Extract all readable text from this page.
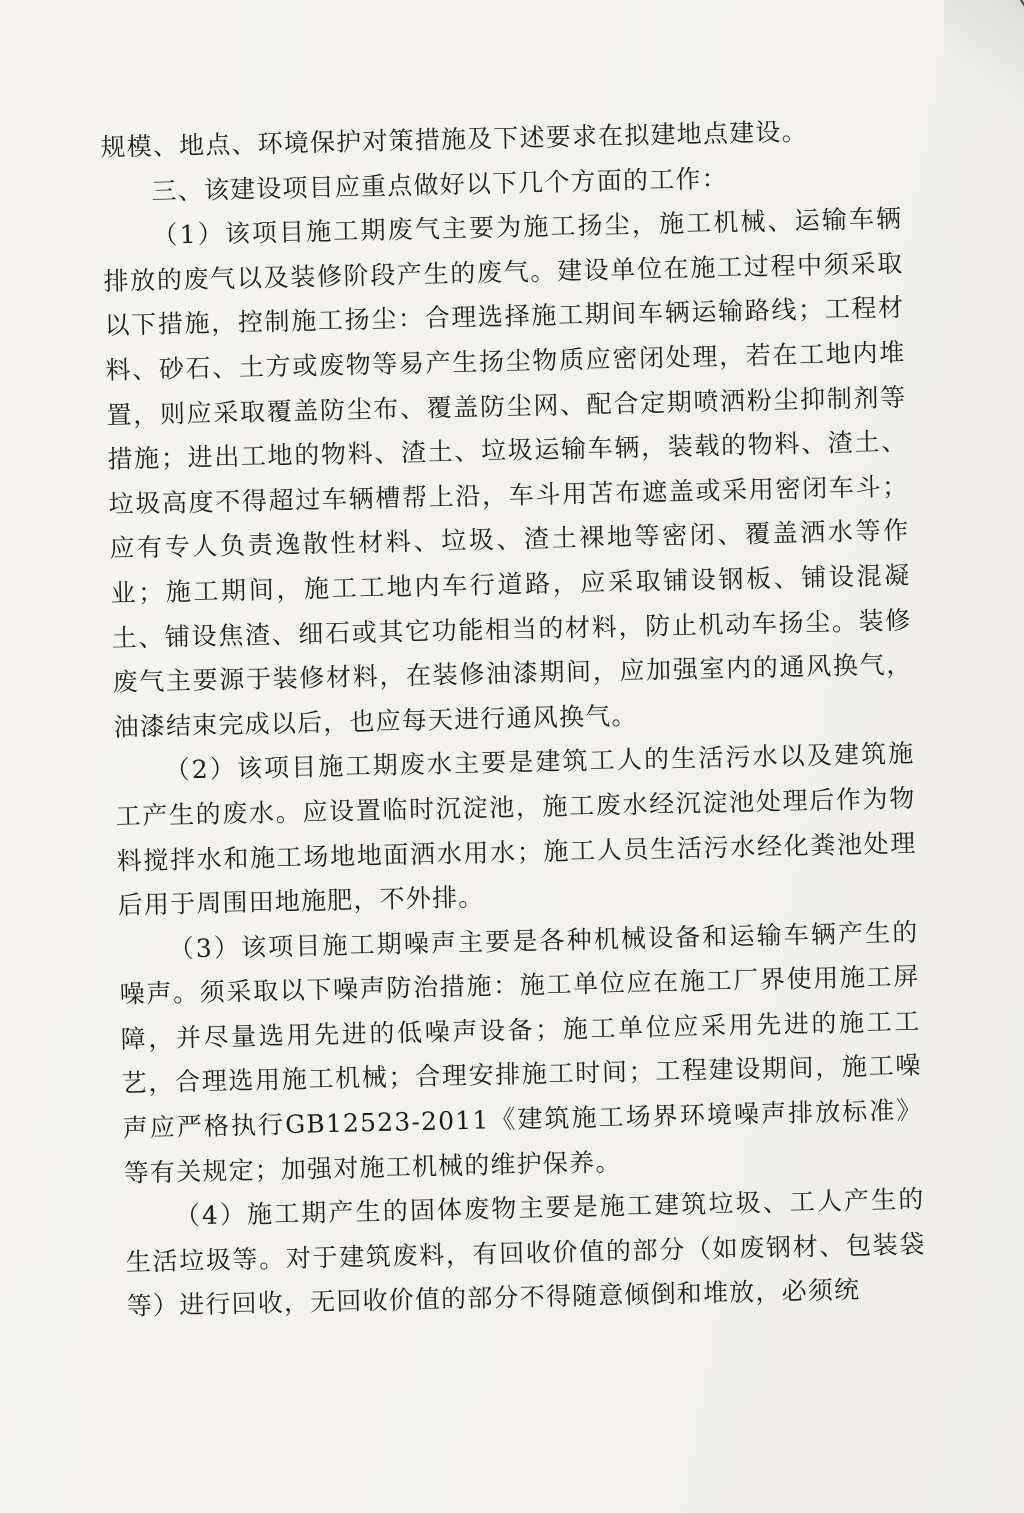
规模、地点、环境保护对策措施及下述要求在拟建地点建设。

三、该建设项目应重点做好以下几个方面的工作：

（1）该项目施工期废气主要为施工扬尘，施工机械、运输车辆排放的废气以及装修阶段产生的废气。建设单位在施工过程中须采取以下措施，控制施工扬尘：合理选择施工期间车辆运输路线；工程材料、砂石、土方或废物等易产生扬尘物质应密闭处理，若在工地内堆置，则应采取覆盖防尘布、覆盖防尘网、配合定期喷洒粉尘抑制剂等措施；进出工地的物料、渣土、垃圾运输车辆，装载的物料、渣土、垃圾高度不得超过车辆槽帮上沿，车斗用苫布遮盖或采用密闭车斗；应有专人负责逸散性材料、垃圾、渣土裸地等密闭、覆盖洒水等作业；施工期间，施工工地内车行道路，应采取铺设钢板、铺设混凝土、铺设焦渣、细石或其它功能相当的材料，防止机动车扬尘。装修废气主要源于装修材料，在装修油漆期间，应加强室内的通风换气，油漆结束完成以后，也应每天进行通风换气。

（2）该项目施工期废水主要是建筑工人的生活污水以及建筑施工产生的废水。应设置临时沉淀池，施工废水经沉淀池处理后作为物料搅拌水和施工场地地面洒水用水；施工人员生活污水经化粪池处理后用于周围田地施肥，不外排。

（3）该项目施工期噪声主要是各种机械设备和运输车辆产生的噪声。须采取以下噪声防治措施：施工单位应在施工厂界使用施工屏障，并尽量选用先进的低噪声设备；施工单位应采用先进的施工工艺，合理选用施工机械；合理安排施工时间；工程建设期间，施工噪声应严格执行GB12523-2011《建筑施工场界环境噪声排放标准》等有关规定；加强对施工机械的维护保养。

（4）施工期产生的固体废物主要是施工建筑垃圾、工人产生的生活垃圾等。对于建筑废料，有回收价值的部分（如废钢材、包装袋等）进行回收，无回收价值的部分不得随意倾倒和堆放，必须统
